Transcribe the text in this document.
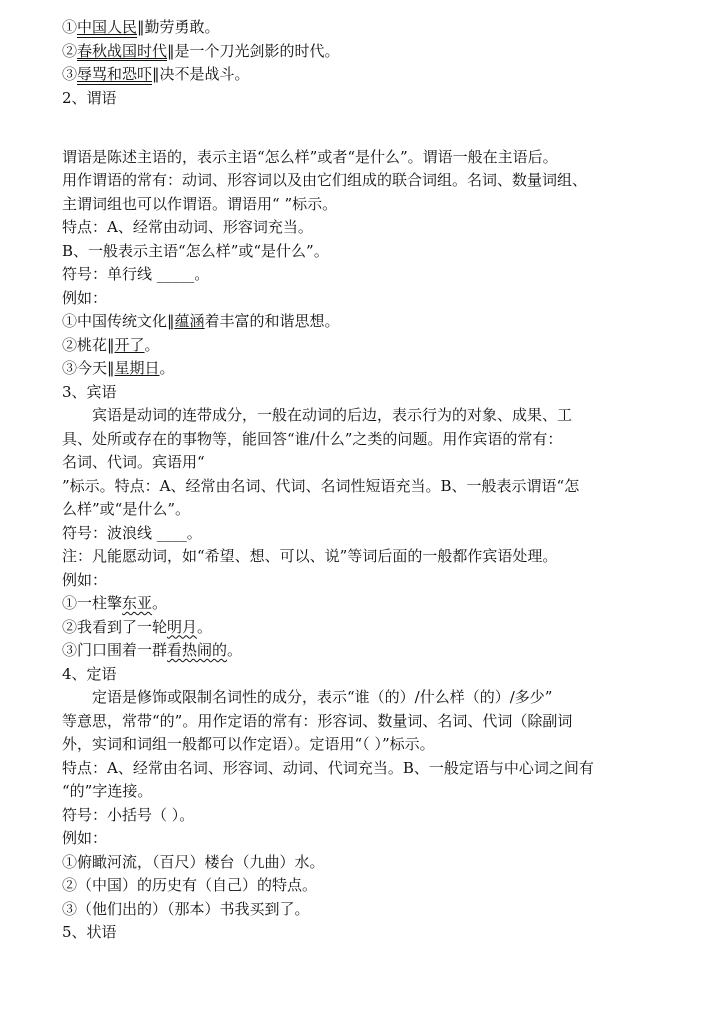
①中国人民‖勤劳勇敢。
②春秋战国时代‖是一个刀光剑影的时代。
③辱骂和恐吓‖决不是战斗。
2、谓语
谓语是陈述主语的，表示主语“怎么样”或者“是什么”。谓语一般在主语后。
用作谓语的常有：动词、形容词以及由它们组成的联合词组。名词、数量词组、
主谓词组也可以作谓语。谓语用“ ”标示。
特点：A、经常由动词、形容词充当。
B、一般表示主语“怎么样”或“是什么”。
符号：单行线 _____。
例如：
①中国传统文化‖蕴涵着丰富的和谐思想。
②桃花‖开了。
③今天‖星期日。
3、宾语
宾语是动词的连带成分，一般在动词的后边，表示行为的对象、成果、工
具、处所或存在的事物等，能回答“谁/什么”之类的问题。用作宾语的常有：
名词、代词。宾语用“
”标示。特点：A、经常由名词、代词、名词性短语充当。B、一般表示谓语“怎
么样”或“是什么”。
符号：波浪线 ____。
注：凡能愿动词，如“希望、想、可以、说”等词后面的一般都作宾语处理。
例如：
①一柱擎东亚。
②我看到了一轮明月。
③门口围着一群看热闹的。
4、定语
定语是修饰或限制名词性的成分，表示“谁（的）/什么样（的）/多少”
等意思，常带“的”。用作定语的常有：形容词、数量词、名词、代词（除副词
外，实词和词组一般都可以作定语）。定语用“（ ）”标示。
特点：A、经常由名词、形容词、动词、代词充当。B、一般定语与中心词之间有
“的”字连接。
符号：小括号（ ）。
例如：
①俯瞰河流，（百尺）楼台（九曲）水。
②（中国）的历史有（自己）的特点。
③（他们出的）（那本）书我买到了。
5、状语
